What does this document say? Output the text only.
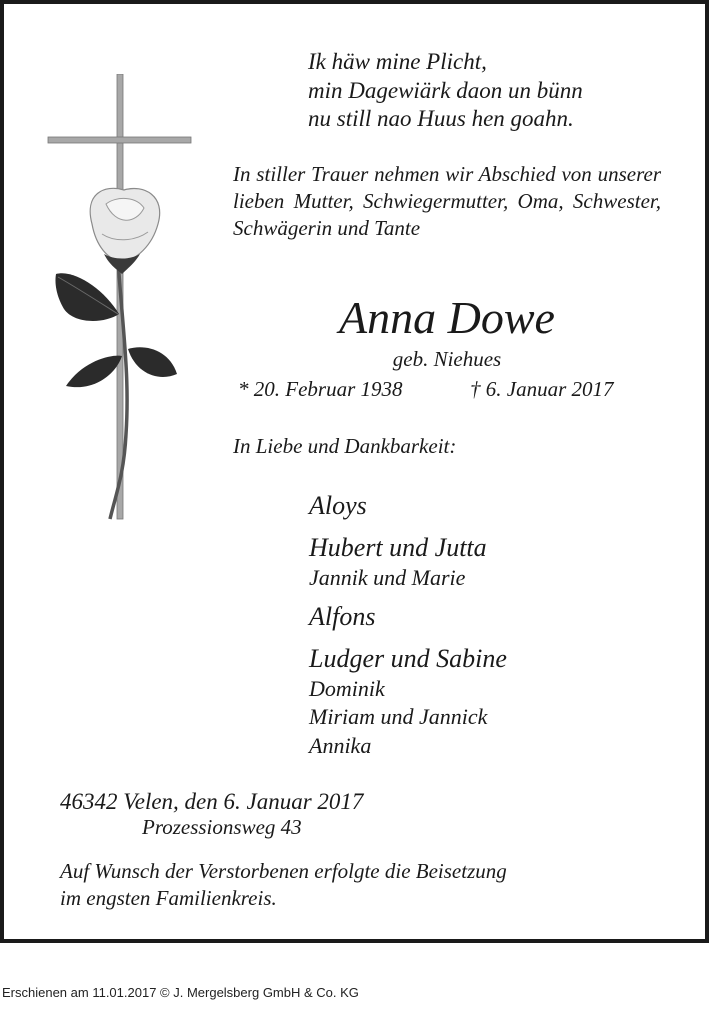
Ik häw mine Plicht,
min Dagewiärk daon un bünn
nu still nao Huus hen goahn.
In stiller Trauer nehmen wir Abschied von unserer lieben Mutter, Schwiegermutter, Oma, Schwester, Schwägerin und Tante
Anna Dowe
geb. Niehues
* 20. Februar 1938	† 6. Januar 2017
In Liebe und Dankbarkeit:
Aloys
Hubert und Jutta
Jannik und Marie
Alfons
Ludger und Sabine
Dominik
Miriam und Jannick
Annika
46342 Velen, den 6. Januar 2017
Prozessionsweg 43
Auf Wunsch der Verstorbenen erfolgte die Beisetzung
im engsten Familienkreis.
Erschienen am 11.01.2017 © J. Mergelsberg GmbH & Co. KG
